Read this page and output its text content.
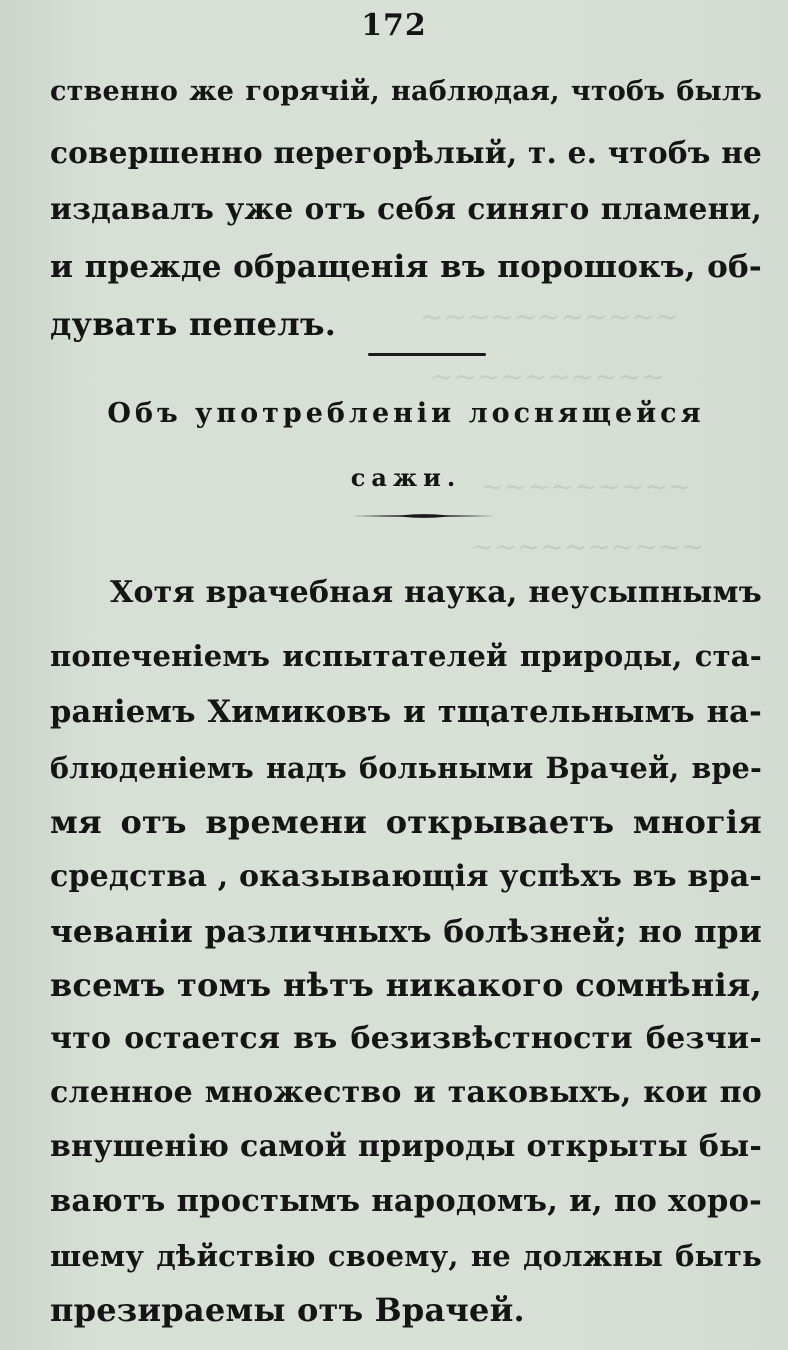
~~~~~~~~~~~
~~~~~~~~~~
~~~~~~~~~
~~~~~~~~~~
172
ственно же горячій, наблюдая, чтобъ былъ
совершенно перегорѣлый, т. е. чтобъ не
издавалъ уже отъ себя синяго пламени,
и прежде обращенія въ порошокъ, об-
дувать пепелъ.
Объ употребленіи лоснящейся
сажи.
Хотя врачебная наука, неусыпнымъ
попеченіемъ испытателей природы, ста-
раніемъ Химиковъ и тщательнымъ на-
блюденіемъ надъ больными Врачей, вре-
мя отъ времени открываетъ многія
средства , оказывающія успѣхъ въ вра-
чеваніи различныхъ болѣзней; но при
всемъ томъ нѣтъ никакого сомнѣнія,
что остается въ безизвѣстности безчи-
сленное множество и таковыхъ, кои по
внушенію самой природы открыты бы-
ваютъ простымъ народомъ, и, по хоро-
шему дѣйствію своему, не должны быть
презираемы отъ Врачей.
